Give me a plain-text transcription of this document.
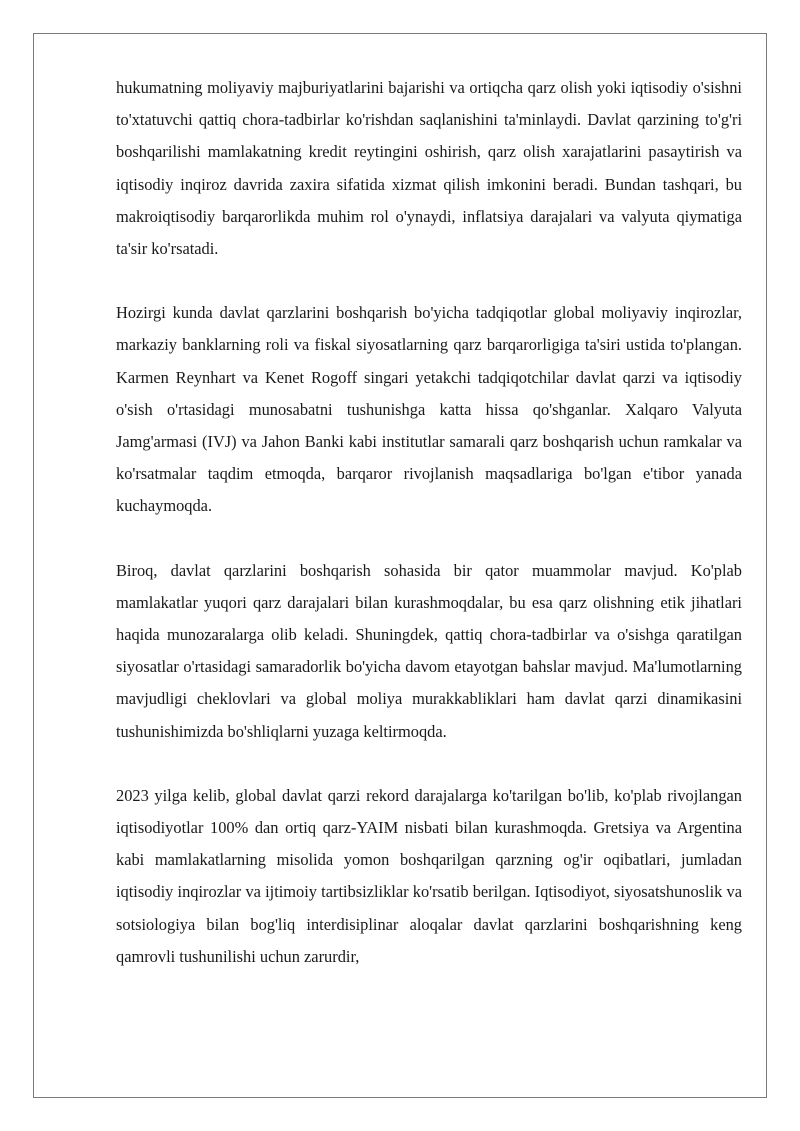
hukumatning moliyaviy majburiyatlarini bajarishi va ortiqcha qarz olish yoki iqtisodiy o'sishni to'xtatuvchi qattiq chora-tadbirlar ko'rishdan saqlanishini ta'minlaydi. Davlat qarzining to'g'ri boshqarilishi mamlakatning kredit reytingini oshirish, qarz olish xarajatlarini pasaytirish va iqtisodiy inqiroz davrida zaxira sifatida xizmat qilish imkonini beradi. Bundan tashqari, bu makroiqtisodiy barqarorlikda muhim rol o'ynaydi, inflatsiya darajalari va valyuta qiymatiga ta'sir ko'rsatadi.

Hozirgi kunda davlat qarzlarini boshqarish bo'yicha tadqiqotlar global moliyaviy inqirozlar, markaziy banklarning roli va fiskal siyosatlarning qarz barqarorligiga ta'siri ustida to'plangan. Karmen Reynhart va Kenet Rogoff singari yetakchi tadqiqotchilar davlat qarzi va iqtisodiy o'sish o'rtasidagi munosabatni tushunishga katta hissa qo'shganlar. Xalqaro Valyuta Jamg'armasi (IVJ) va Jahon Banki kabi institutlar samarali qarz boshqarish uchun ramkalar va ko'rsatmalar taqdim etmoqda, barqaror rivojlanish maqsadlariga bo'lgan e'tibor yanada kuchaymoqda.

Biroq, davlat qarzlarini boshqarish sohasida bir qator muammolar mavjud. Ko'plab mamlakatlar yuqori qarz darajalari bilan kurashmoqdalar, bu esa qarz olishning etik jihatlari haqida munozaralarga olib keladi. Shuningdek, qattiq chora-tadbirlar va o'sishga qaratilgan siyosatlar o'rtasidagi samaradorlik bo'yicha davom etayotgan bahslar mavjud. Ma'lumotlarning mavjudligi cheklovlari va global moliya murakkabliklari ham davlat qarzi dinamikasini tushunishimizda bo'shliqlarni yuzaga keltirmoqda.

2023 yilga kelib, global davlat qarzi rekord darajalarga ko'tarilgan bo'lib, ko'plab rivojlangan iqtisodiyotlar 100% dan ortiq qarz-YAIM nisbati bilan kurashmoqda. Gretsiya va Argentina kabi mamlakatlarning misolida yomon boshqarilgan qarzning og'ir oqibatlari, jumladan iqtisodiy inqirozlar va ijtimoiy tartibsizliklar ko'rsatib berilgan. Iqtisodiyot, siyosatshunoslik va sotsiologiya bilan bog'liq interdisiplinar aloqalar davlat qarzlarini boshqarishning keng qamrovli tushunilishi uchun zarurdir,
